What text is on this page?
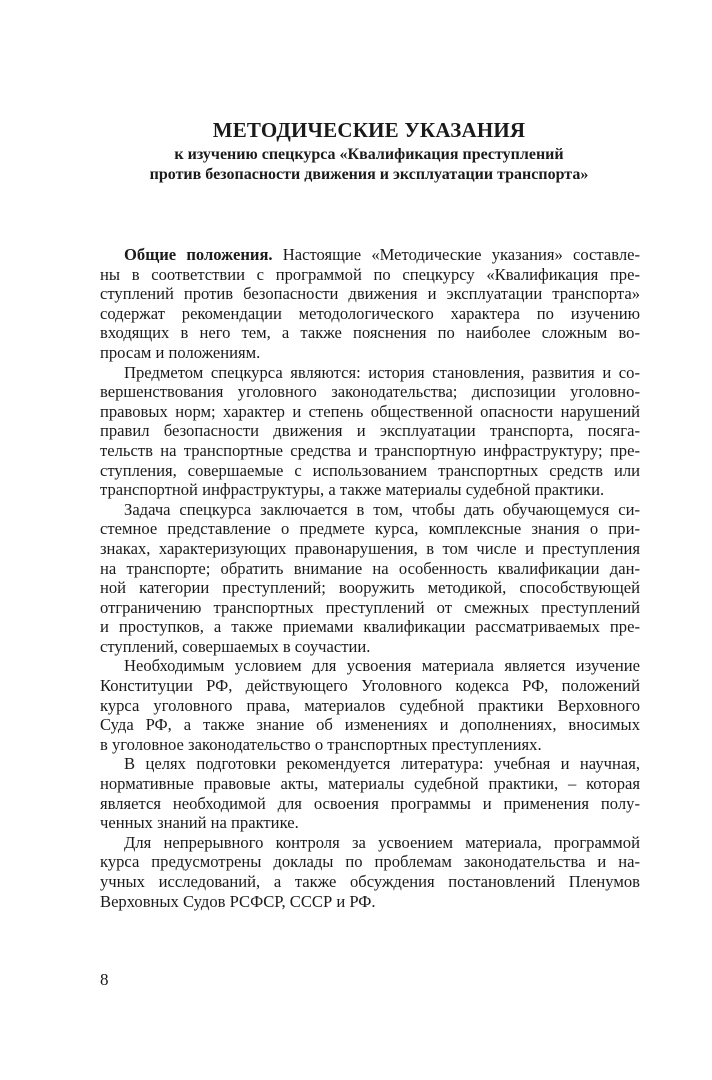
МЕТОДИЧЕСКИЕ УКАЗАНИЯ
к изучению спецкурса «Квалификация преступлений
против безопасности движения и эксплуатации транспорта»
Общие положения. Настоящие «Методические указания» составле-
ны в соответствии с программой по спецкурсу «Квалификация пре-
ступлений против безопасности движения и эксплуатации транспорта»
содержат рекомендации методологического характера по изучению
входящих в него тем, а также пояснения по наиболее сложным во-
просам и положениям.
Предметом спецкурса являются: история становления, развития и со-
вершенствования уголовного законодательства; диспозиции уголовно-
правовых норм; характер и степень общественной опасности нарушений
правил безопасности движения и эксплуатации транспорта, посяга-
тельств на транспортные средства и транспортную инфраструктуру; пре-
ступления, совершаемые с использованием транспортных средств или
транспортной инфраструктуры, а также материалы судебной практики.
Задача спецкурса заключается в том, чтобы дать обучающемуся си-
стемное представление о предмете курса, комплексные знания о при-
знаках, характеризующих правонарушения, в том числе и преступления
на транспорте; обратить внимание на особенность квалификации дан-
ной категории преступлений; вооружить методикой, способствующей
отграничению транспортных преступлений от смежных преступлений
и проступков, а также приемами квалификации рассматриваемых пре-
ступлений, совершаемых в соучастии.
Необходимым условием для усвоения материала является изучение
Конституции РФ, действующего Уголовного кодекса РФ, положений
курса уголовного права, материалов судебной практики Верховного
Суда РФ, а также знание об изменениях и дополнениях, вносимых
в уголовное законодательство о транспортных преступлениях.
В целях подготовки рекомендуется литература: учебная и научная,
нормативные правовые акты, материалы судебной практики, – которая
является необходимой для освоения программы и применения полу-
ченных знаний на практике.
Для непрерывного контроля за усвоением материала, программой
курса предусмотрены доклады по проблемам законодательства и на-
учных исследований, а также обсуждения постановлений Пленумов
Верховных Судов РСФСР, СССР и РФ.
8
